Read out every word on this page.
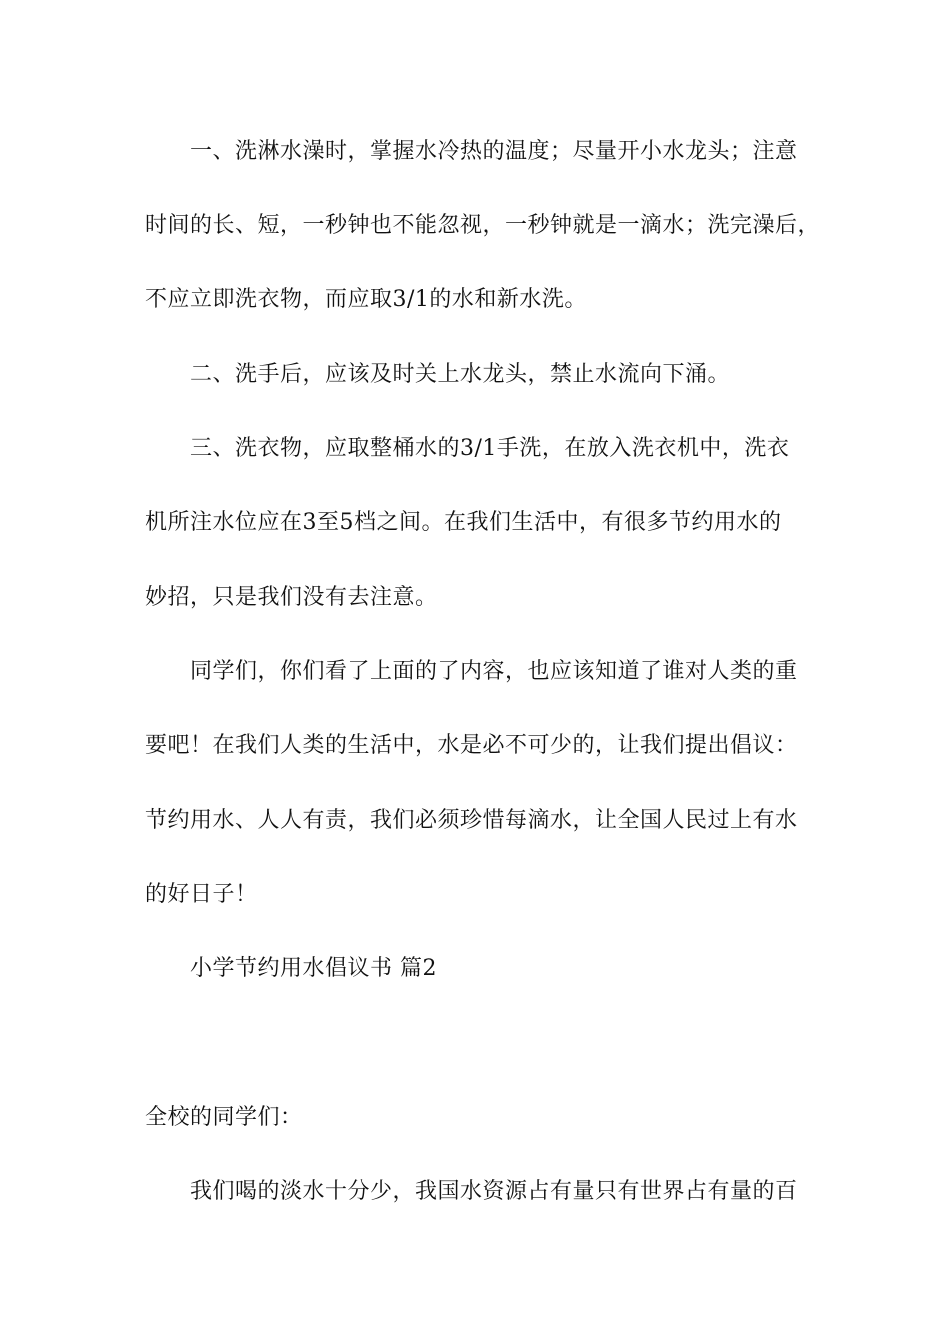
一、洗淋水澡时，掌握水冷热的温度；尽量开小水龙头；注意
时间的长、短，一秒钟也不能忽视，一秒钟就是一滴水；洗完澡后，
不应立即洗衣物，而应取3/1的水和新水洗。
二、洗手后，应该及时关上水龙头，禁止水流向下涌。
三、洗衣物，应取整桶水的3/1手洗，在放入洗衣机中，洗衣
机所注水位应在3至5档之间。在我们生活中，有很多节约用水的
妙招，只是我们没有去注意。
同学们，你们看了上面的了内容，也应该知道了谁对人类的重
要吧！在我们人类的生活中，水是必不可少的，让我们提出倡议：
节约用水、人人有责，我们必须珍惜每滴水，让全国人民过上有水
的好日子！
小学节约用水倡议书 篇2
全校的同学们：
我们喝的淡水十分少，我国水资源占有量只有世界占有量的百
